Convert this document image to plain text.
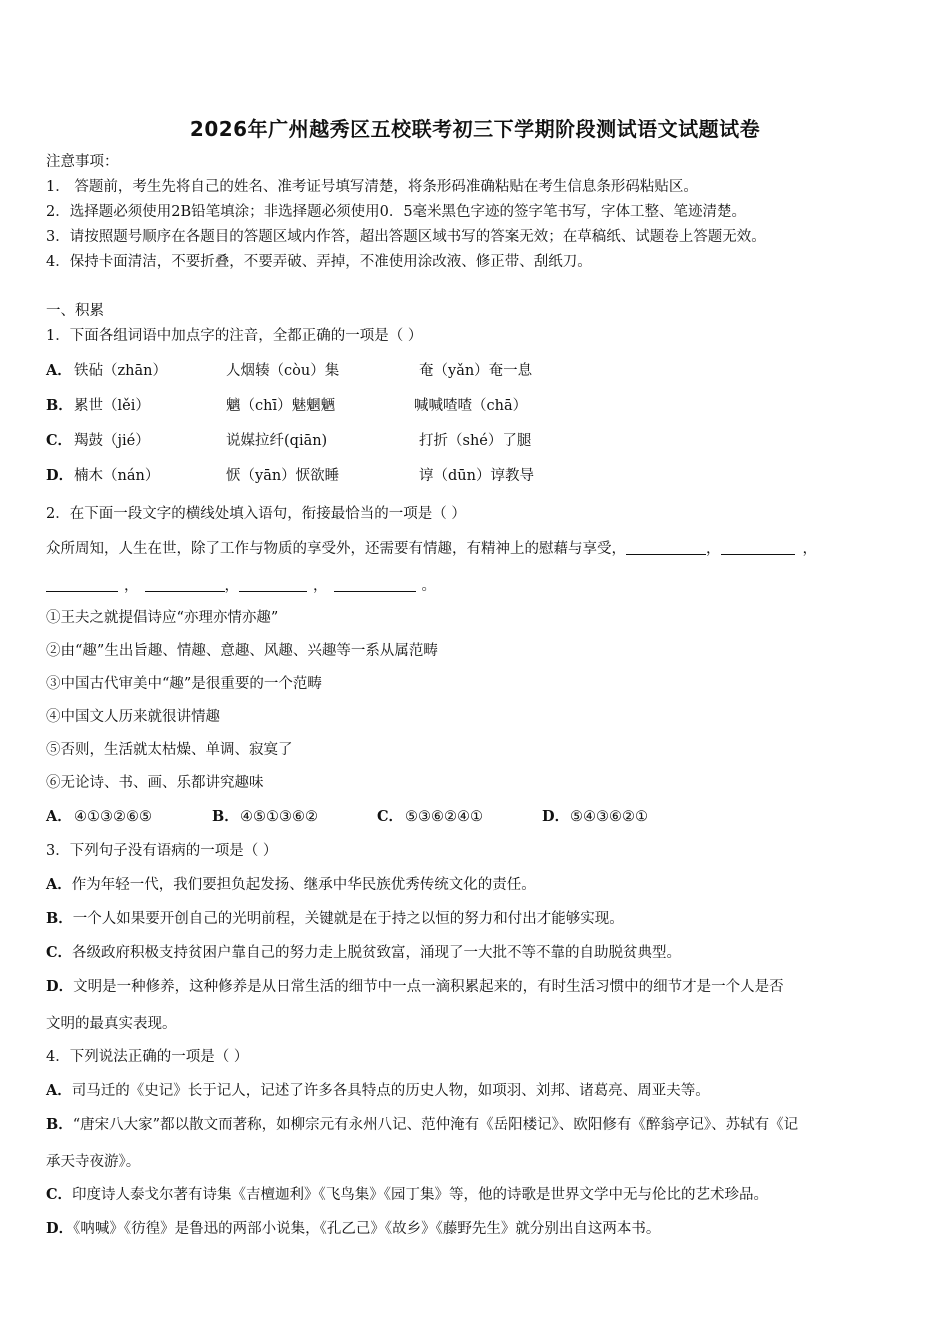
2026年广州越秀区五校联考初三下学期阶段测试语文试题试卷
注意事项：
1． 答题前，考生先将自己的姓名、准考证号填写清楚，将条形码准确粘贴在考生信息条形码粘贴区。
2．选择题必须使用2B铅笔填涂；非选择题必须使用0．5毫米黑色字迹的签字笔书写，字体工整、笔迹清楚。
3．请按照题号顺序在各题目的答题区域内作答，超出答题区域书写的答案无效；在草稿纸、试题卷上答题无效。
4．保持卡面清洁，不要折叠，不要弄破、弄掉，不准使用涂改液、修正带、刮纸刀。
一、积累
1．下面各组词语中加点字的注音，全都正确的一项是（ ）
A． 铁砧（zhān）	人烟辏（còu）集	奄（yǎn）奄一息
B． 累世（lěi）	魑（chī）魅魍魉	喊喊喳喳（chā）
C． 羯鼓（jié）	说媒拉纤(qiān)	打折（shé）了腿
D． 楠木（nán）	恹（yān）恹欲睡	谆（dūn）谆教导
2．在下面一段文字的横线处填入语句，衔接最恰当的一项是（ ）
众所周知，人生在世，除了工作与物质的享受外，还需要有情趣，有精神上的慰藉与享受，	，	，
，	，	，	。
①王夫之就提倡诗应“亦理亦情亦趣”
②由“趣”生出旨趣、情趣、意趣、风趣、兴趣等一系从属范畴
③中国古代审美中“趣”是很重要的一个范畴
④中国文人历来就很讲情趣
⑤否则，生活就太枯燥、单调、寂寞了
⑥无论诗、书、画、乐都讲究趣味
A． ④①③②⑥⑤	B． ④⑤①③⑥②	C． ⑤③⑥②④①	D． ⑤④③⑥②①
3．下列句子没有语病的一项是（ ）
A．作为年轻一代，我们要担负起发扬、继承中华民族优秀传统文化的责任。
B．一个人如果要开创自己的光明前程，关键就是在于持之以恒的努力和付出才能够实现。
C．各级政府积极支持贫困户靠自己的努力走上脱贫致富，涌现了一大批不等不靠的自助脱贫典型。
D．文明是一种修养，这种修养是从日常生活的细节中一点一滴积累起来的，有时生活习惯中的细节才是一个人是否
文明的最真实表现。
4．下列说法正确的一项是（ ）
A．司马迁的《史记》长于记人，记述了许多各具特点的历史人物，如项羽、刘邦、诸葛亮、周亚夫等。
B．“唐宋八大家”都以散文而著称，如柳宗元有永州八记、范仲淹有《岳阳楼记》、欧阳修有《醉翁亭记》、苏轼有《记
承天寺夜游》。
C．印度诗人泰戈尔著有诗集《吉檀迦利》《飞鸟集》《园丁集》等，他的诗歌是世界文学中无与伦比的艺术珍品。
D．《呐喊》《彷徨》是鲁迅的两部小说集，《孔乙己》《故乡》《藤野先生》就分别出自这两本书。
